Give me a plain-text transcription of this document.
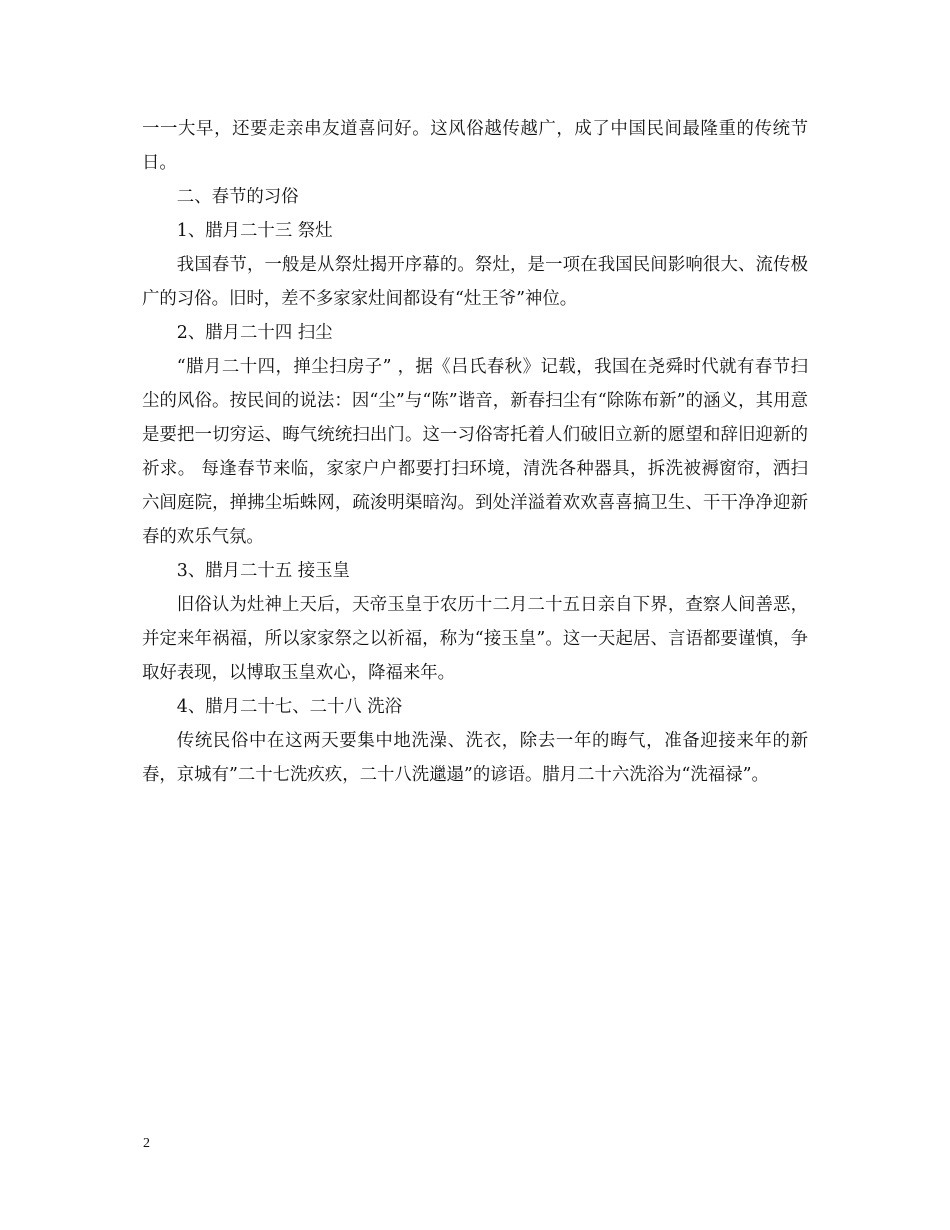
一一大早，还要走亲串友道喜问好。这风俗越传越广，成了中国民间最隆重的传统节日。

二、春节的习俗

1、腊月二十三 祭灶

我国春节，一般是从祭灶揭开序幕的。祭灶，是一项在我国民间影响很大、流传极广的习俗。旧时，差不多家家灶间都设有“灶王爷”神位。

2、腊月二十四 扫尘

“腊月二十四，掸尘扫房子” ，据《吕氏春秋》记载，我国在尧舜时代就有春节扫尘的风俗。按民间的说法：因“尘”与“陈”谐音，新春扫尘有“除陈布新”的涵义，其用意是要把一切穷运、晦气统统扫出门。这一习俗寄托着人们破旧立新的愿望和辞旧迎新的祈求。 每逢春节来临，家家户户都要打扫环境，清洗各种器具，拆洗被褥窗帘，洒扫六闾庭院，掸拂尘垢蛛网，疏浚明渠暗沟。到处洋溢着欢欢喜喜搞卫生、干干净净迎新春的欢乐气氛。

3、腊月二十五 接玉皇

旧俗认为灶神上天后，天帝玉皇于农历十二月二十五日亲自下界，查察人间善恶，并定来年祸福，所以家家祭之以祈福，称为“接玉皇”。这一天起居、言语都要谨慎，争取好表现，以博取玉皇欢心，降福来年。

4、腊月二十七、二十八 洗浴

传统民俗中在这两天要集中地洗澡、洗衣，除去一年的晦气，准备迎接来年的新春，京城有”二十七洗疚疚，二十八洗邋遢”的谚语。腊月二十六洗浴为“洗福禄”。

2
